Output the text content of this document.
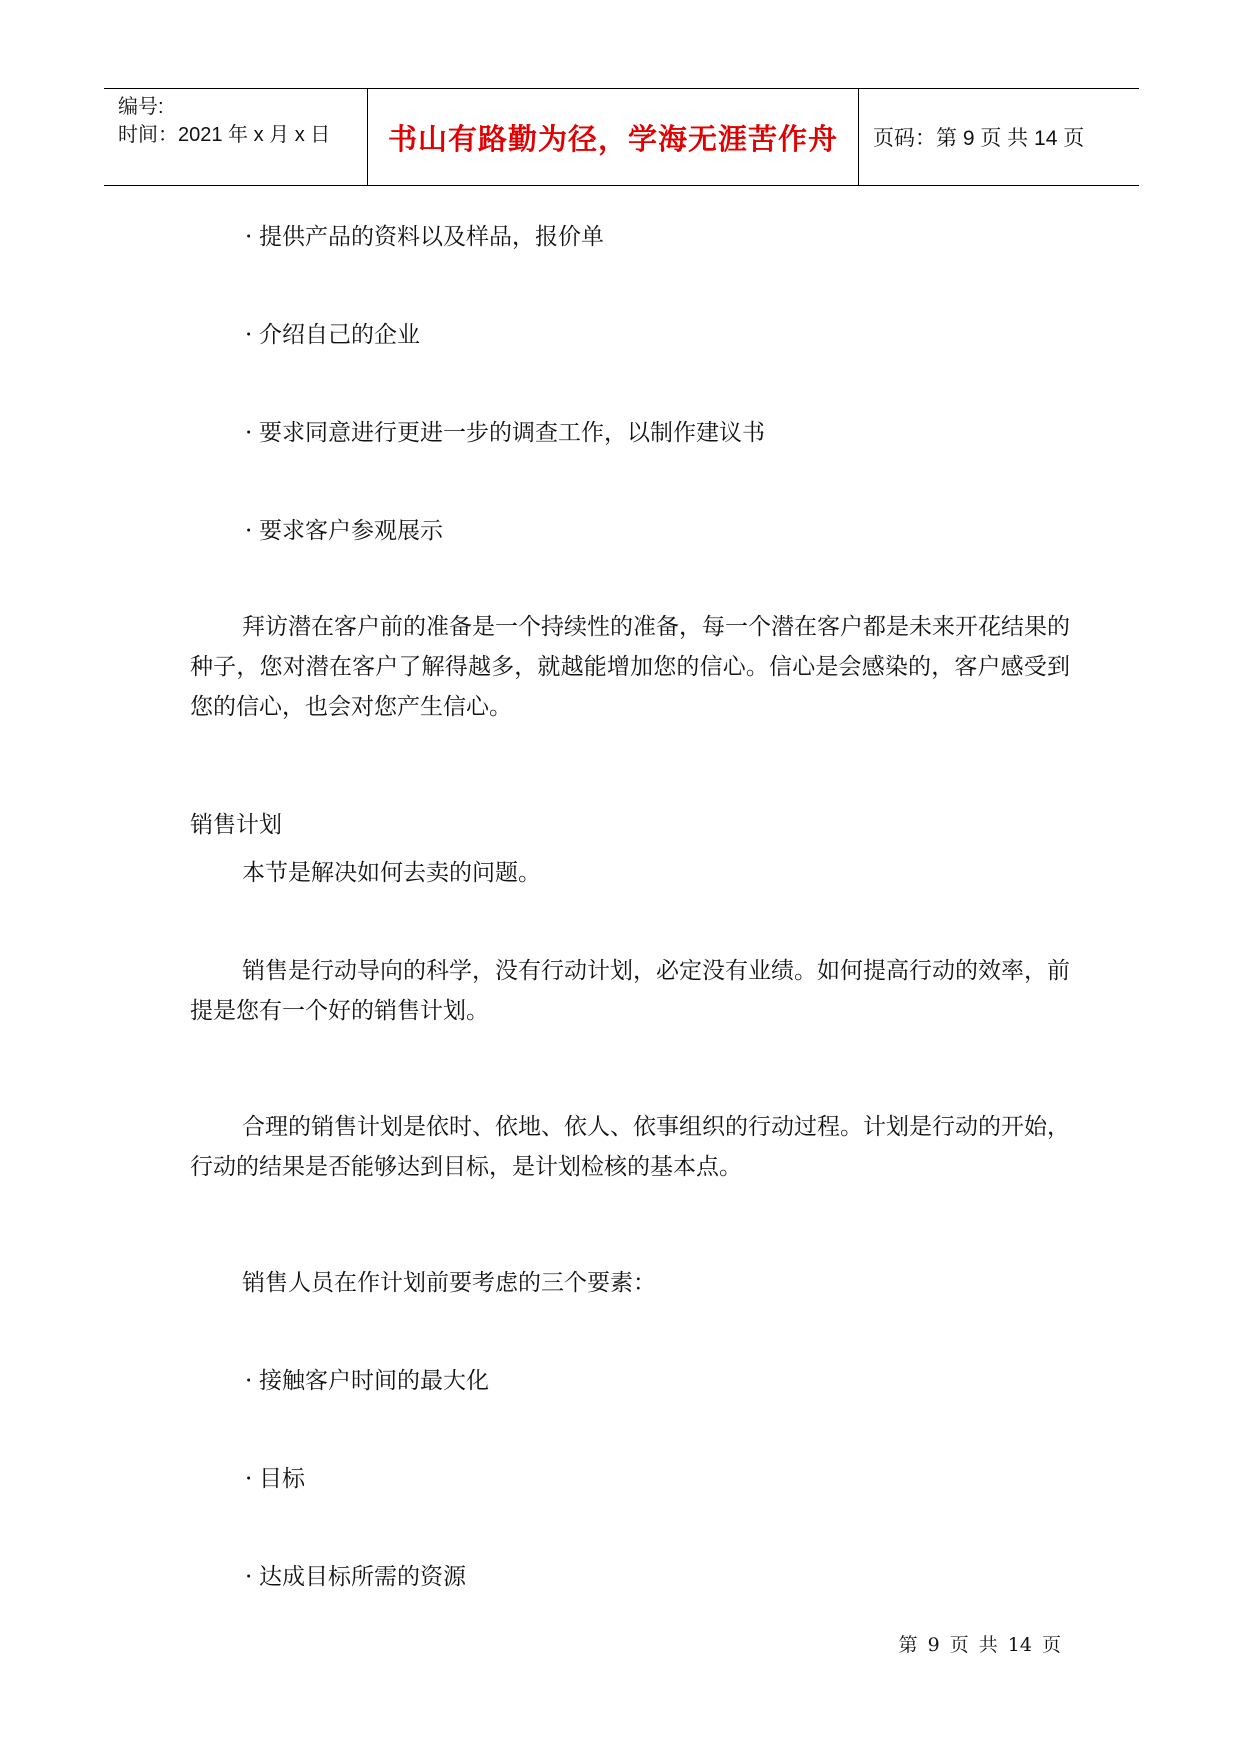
编号:
时间：2021 年 x 月 x 日	书山有路勤为径，学海无涯苦作舟 页码：第 9 页 共 14 页

· 提供产品的资料以及样品，报价单

· 介绍自己的企业

· 要求同意进行更进一步的调查工作，以制作建议书

· 要求客户参观展示

拜访潜在客户前的准备是一个持续性的准备，每一个潜在客户都是未来开花结果的种子，您对潜在客户了解得越多，就越能增加您的信心。信心是会感染的，客户感受到您的信心，也会对您产生信心。

销售计划

本节是解决如何去卖的问题。

销售是行动导向的科学，没有行动计划，必定没有业绩。如何提高行动的效率，前提是您有一个好的销售计划。

合理的销售计划是依时、依地、依人、依事组织的行动过程。计划是行动的开始，行动的结果是否能够达到目标，是计划检核的基本点。

销售人员在作计划前要考虑的三个要素：

· 接触客户时间的最大化

· 目标

· 达成目标所需的资源

第 9 页 共 14 页
